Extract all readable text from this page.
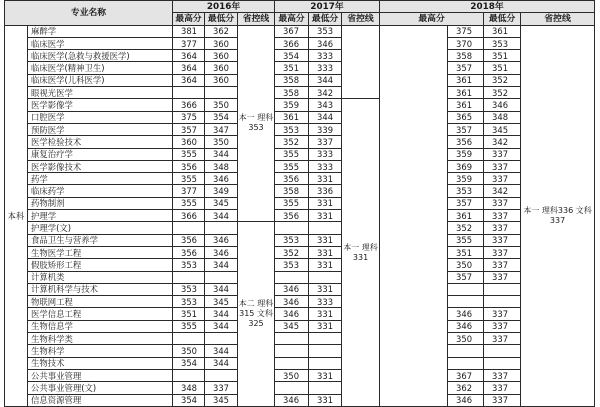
专业名称		2016年			2017年			2018年			
		最高分	最低分	省控线	最高分	最低分	省控线	最高分		最低分	省控线
本科	麻醉学	381	362	本一 理科353	367	353			375	361	本一 理科336 文科337
	临床医学	377	360		366	346			370	353	
	临床医学(急救与救援医学)	364	360		354	333			358	351	
	临床医学(精神卫生)	364	360		351	333			357	351	
	临床医学(儿科医学)	364	360		358	344			361	352	
	眼视光医学				358	342			361	352	
	医学影像学	366	350		359	343	本一 理科331		361	346	
	口腔医学	375	354		361	344			365	348	
	预防医学	357	347		353	339			357	345	
	医学检验技术	360	350		352	337			356	342	
	康复治疗学	355	344		355	333			359	337	
	医学影像技术	356	348		355	333			369	337	
	药学	355	346		356	331			359	337	
	临床药学	377	349		358	336			353	342	
	药物制剂	355	345		355	331			357	337	
	护理学	366	344		356	331			361	337	
	护理学(文)			本二 理科315 文科325					352	337	
	食品卫生与营养学	356	346		353	331			355	337	
	生物医学工程	356	346		352	331			351	337	
	假肢矫形工程	353	344		353	331			350	337	
	计算机类								357	337	
	计算机科学与技术	353	344		346	331					
	物联网工程	353	345		346	333					
	医学信息工程	351	344		346	331			346	337	
	生物信息学	355	344		345	331			346	337	
	生物科学类								350	337	
	生物科学	350	344								
	生物技术	354	344								
	公共事业管理				350	331			367	337	
	公共事业管理(文)	348	337						362	337	
	信息资源管理	354	345		346	331			346	337	
